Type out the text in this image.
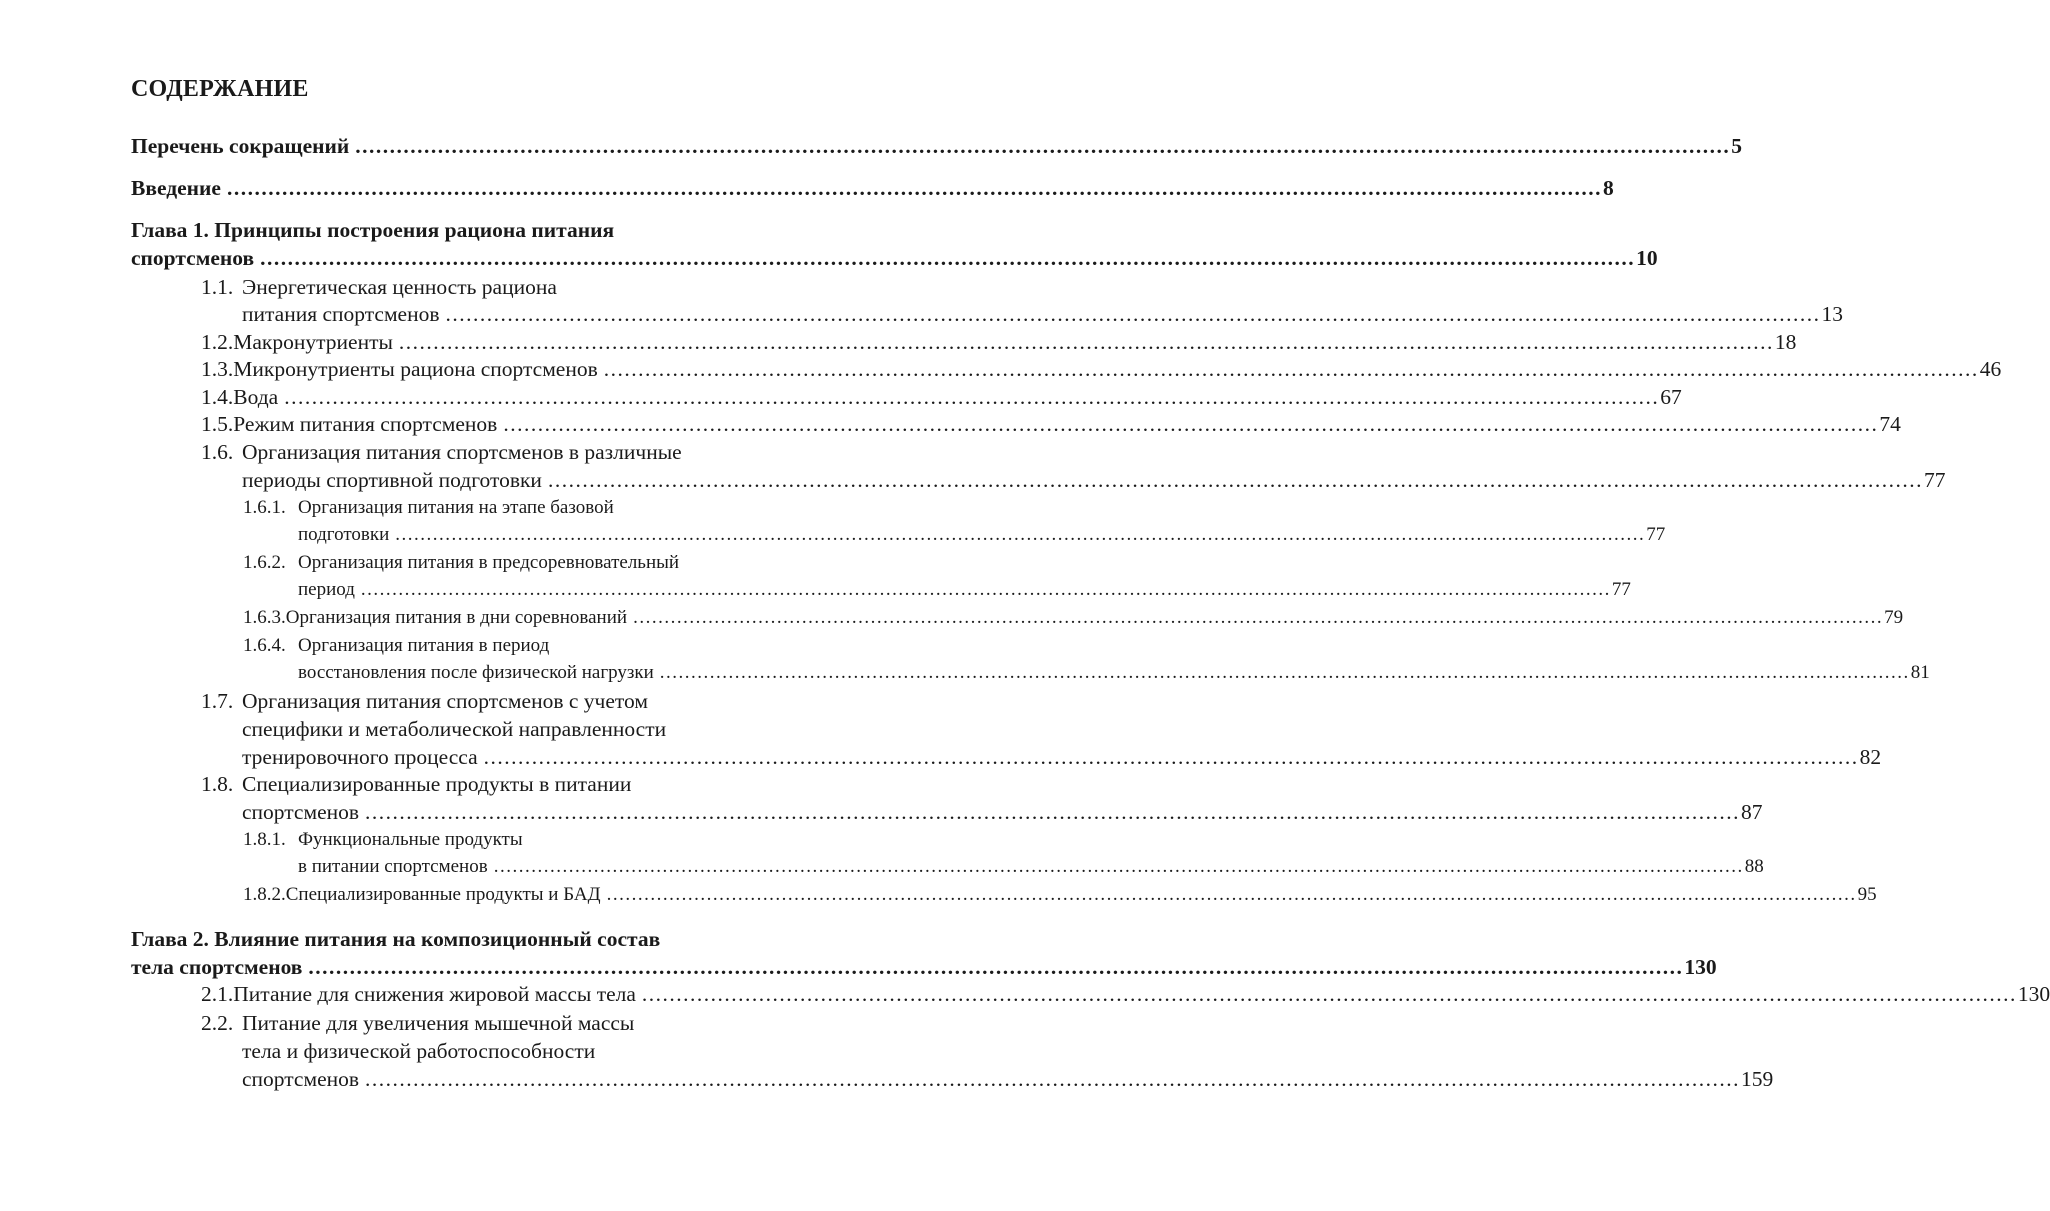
СОДЕРЖАНИЕ
Перечень сокращений ........................................................................................................................................................................................................ 5
Введение ........................................................................................................................................................................................................ 8
Глава 1. Принципы построения рациона питания
спортсменов ........................................................................................................................................................................................................ 10
1.1. Энергетическая ценность рациона
питания спортсменов ........................................................................................................................................................................................................ 13
1.2. Макронутриенты ........................................................................................................................................................................................................ 18
1.3. Микронутриенты рациона спортсменов ........................................................................................................................................................................................................ 46
1.4. Вода ........................................................................................................................................................................................................ 67
1.5. Режим питания спортсменов ........................................................................................................................................................................................................ 74
1.6. Организация питания спортсменов в различные
периоды спортивной подготовки ........................................................................................................................................................................................................ 77
1.6.1. Организация питания на этапе базовой
подготовки ........................................................................................................................................................................................................ 77
1.6.2. Организация питания в предсоревновательный
период ........................................................................................................................................................................................................ 77
1.6.3. Организация питания в дни соревнований ........................................................................................................................................................................................................ 79
1.6.4. Организация питания в период
восстановления после физической нагрузки ........................................................................................................................................................................................................ 81
1.7. Организация питания спортсменов с учетом
специфики и метаболической направленности
тренировочного процесса ........................................................................................................................................................................................................ 82
1.8. Специализированные продукты в питании
спортсменов ........................................................................................................................................................................................................ 87
1.8.1. Функциональные продукты
в питании спортсменов ........................................................................................................................................................................................................ 88
1.8.2. Специализированные продукты и БАД ........................................................................................................................................................................................................ 95
Глава 2. Влияние питания на композиционный состав
тела спортсменов ........................................................................................................................................................................................................ 130
2.1. Питание для снижения жировой массы тела ........................................................................................................................................................................................................ 130
2.2. Питание для увеличения мышечной массы
тела и физической работоспособности
спортсменов ........................................................................................................................................................................................................ 159
